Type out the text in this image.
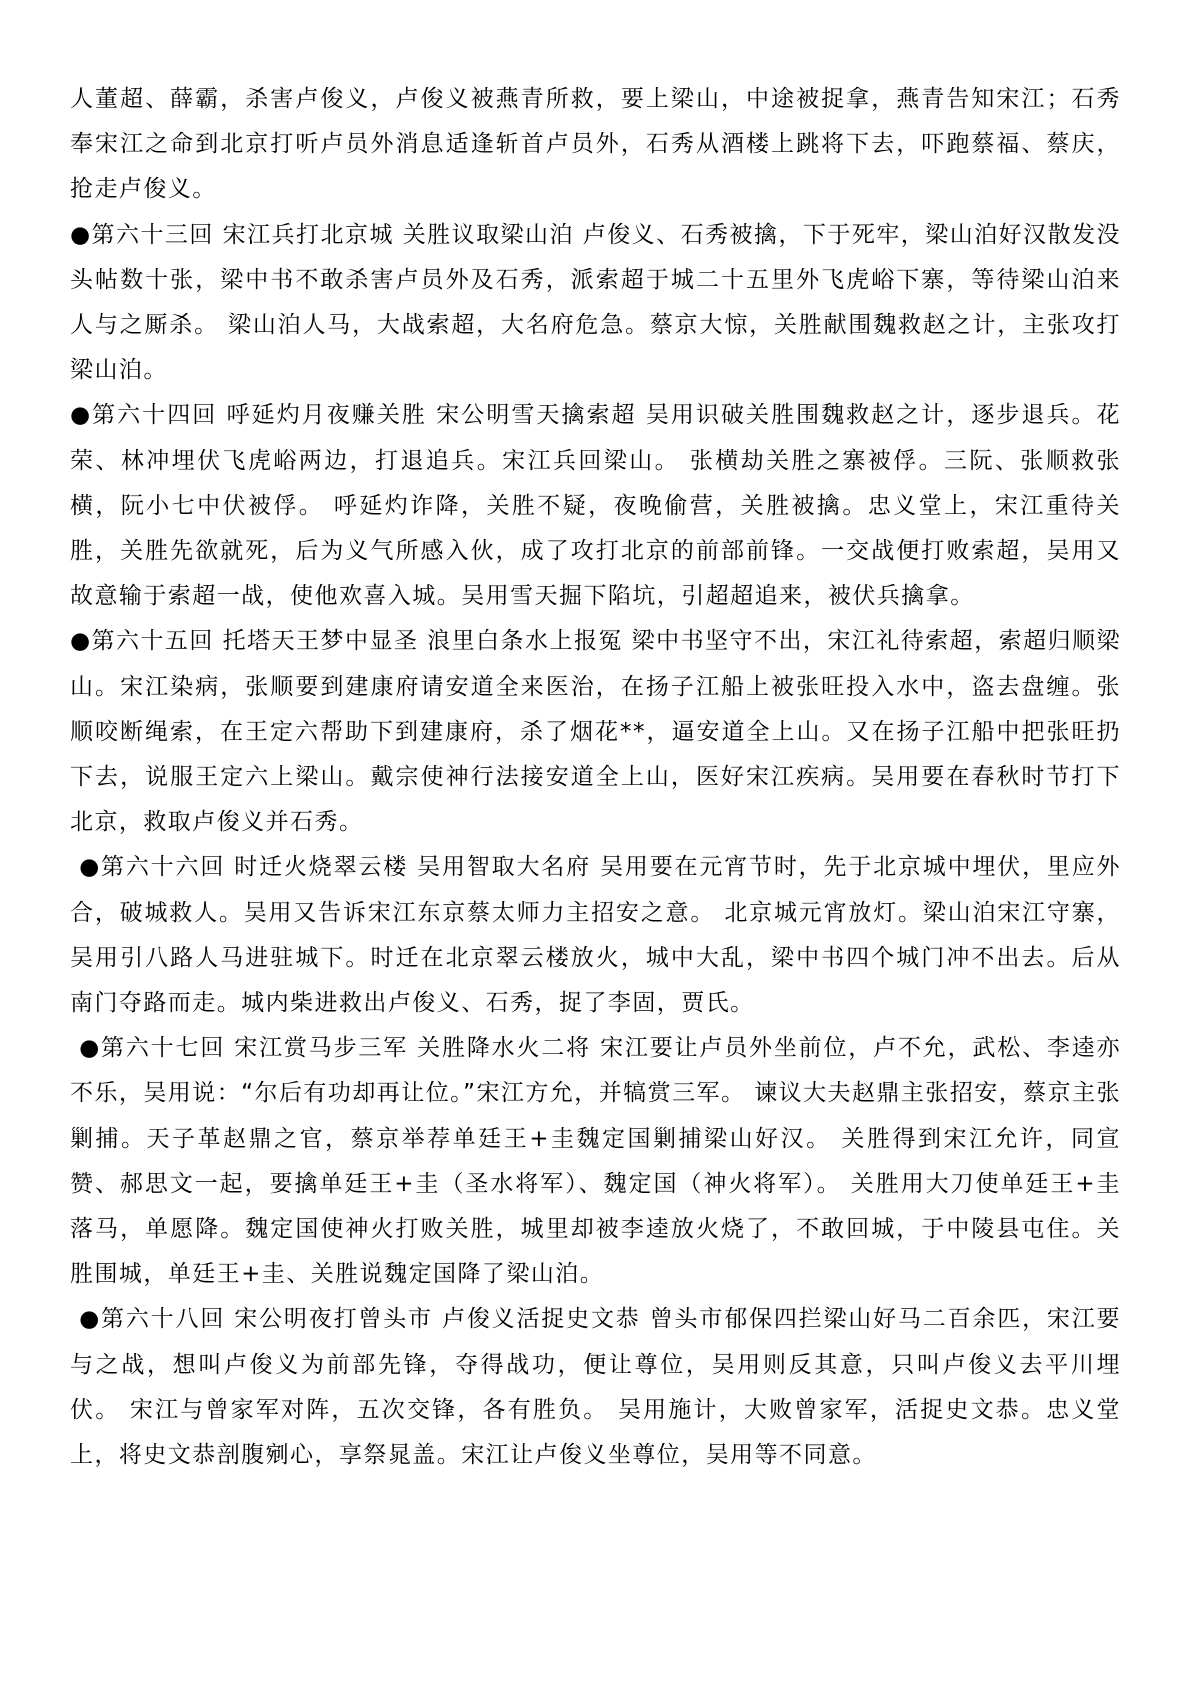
人董超、薛霸，杀害卢俊义，卢俊义被燕青所救，要上梁山，中途被捉拿，燕青告知宋江；石秀奉宋江之命到北京打听卢员外消息适逢斩首卢员外，石秀从酒楼上跳将下去，吓跑蔡福、蔡庆，抢走卢俊义。

●第六十三回 宋江兵打北京城 关胜议取梁山泊 卢俊义、石秀被擒，下于死牢，梁山泊好汉散发没头帖数十张，梁中书不敢杀害卢员外及石秀，派索超于城二十五里外飞虎峪下寨，等待梁山泊来人与之厮杀。 梁山泊人马，大战索超，大名府危急。蔡京大惊，关胜献围魏救赵之计，主张攻打梁山泊。

●第六十四回 呼延灼月夜赚关胜 宋公明雪天擒索超 吴用识破关胜围魏救赵之计，逐步退兵。花荣、林冲埋伏飞虎峪两边，打退追兵。宋江兵回梁山。 张横劫关胜之寨被俘。三阮、张顺救张横，阮小七中伏被俘。 呼延灼诈降，关胜不疑，夜晚偷营，关胜被擒。忠义堂上，宋江重待关胜，关胜先欲就死，后为义气所感入伙，成了攻打北京的前部前锋。一交战便打败索超，吴用又故意输于索超一战，使他欢喜入城。吴用雪天掘下陷坑，引超超追来，被伏兵擒拿。

●第六十五回 托塔天王梦中显圣 浪里白条水上报冤 梁中书坚守不出，宋江礼待索超，索超归顺梁山。宋江染病，张顺要到建康府请安道全来医治，在扬子江船上被张旺投入水中，盗去盘缠。张顺咬断绳索，在王定六帮助下到建康府，杀了烟花**，逼安道全上山。又在扬子江船中把张旺扔下去，说服王定六上梁山。戴宗使神行法接安道全上山，医好宋江疾病。吴用要在春秋时节打下北京，救取卢俊义并石秀。

●第六十六回 时迁火烧翠云楼 吴用智取大名府 吴用要在元宵节时，先于北京城中埋伏，里应外合，破城救人。吴用又告诉宋江东京蔡太师力主招安之意。 北京城元宵放灯。梁山泊宋江守寨，吴用引八路人马进驻城下。时迁在北京翠云楼放火，城中大乱，梁中书四个城门冲不出去。后从南门夺路而走。城内柴进救出卢俊义、石秀，捉了李固，贾氏。

●第六十七回 宋江赏马步三军 关胜降水火二将 宋江要让卢员外坐前位，卢不允，武松、李逵亦不乐，吴用说：“尔后有功却再让位。”宋江方允，并犒赏三军。 谏议大夫赵鼎主张招安，蔡京主张剿捕。天子革赵鼎之官，蔡京举荐单廷王+圭魏定国剿捕梁山好汉。 关胜得到宋江允许，同宣赞、郝思文一起，要擒单廷王+圭（圣水将军）、魏定国（神火将军）。 关胜用大刀使单廷王+圭落马，单愿降。魏定国使神火打败关胜，城里却被李逵放火烧了，不敢回城，于中陵县屯住。关胜围城，单廷王+圭、关胜说魏定国降了梁山泊。

●第六十八回 宋公明夜打曾头市 卢俊义活捉史文恭 曾头市郁保四拦梁山好马二百余匹，宋江要与之战，想叫卢俊义为前部先锋，夺得战功，便让尊位，吴用则反其意，只叫卢俊义去平川埋伏。 宋江与曾家军对阵，五次交锋，各有胜负。 吴用施计，大败曾家军，活捉史文恭。忠义堂上，将史文恭剖腹剜心，享祭晁盖。宋江让卢俊义坐尊位，吴用等不同意。
